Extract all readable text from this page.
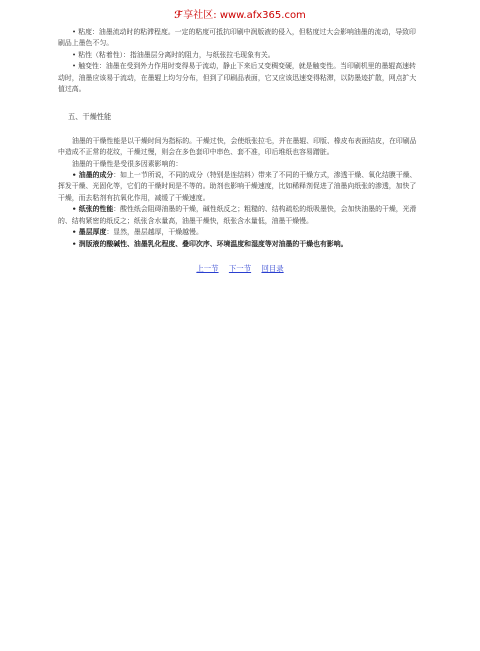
ℱ享社区: www.afx365.com

• 粘度：油墨流动时的粘滞程度。一定的粘度可抵抗印刷中润版液的侵入，但粘度过大会影响油墨的流动，导致印刷品上墨色不匀。

• 粘性（粘着性）：指油墨层分离时的阻力，与纸张拉毛现象有关。

• 触变性：油墨在受到外力作用时变得易于流动，静止下来后又变稠变硬，就是触变性。当印刷机里的墨辊高速转动时，油墨应该易于流动，在墨辊上均匀分布，但到了印刷品表面，它又应该迅速变得粘滞，以防墨迹扩散，网点扩大值过高。

五、干燥性能

油墨的干燥性能是以干燥时间为指标的。干燥过快，会使纸张拉毛，并在墨辊、印版、橡皮布表面结皮，在印刷品中造成不正常的花纹，干燥过慢，则会在多色套印中串色、套不准，印后堆纸也容易蹭脏。

油墨的干燥性是受很多因素影响的：

• 油墨的成分：如上一节所说，不同的成分（特别是连结料）带来了不同的干燥方式，渗透干燥、氧化结膜干燥、挥发干燥、光固化等，它们的干燥时间是不等的。助剂也影响干燥速度，比如稀释剂促进了油墨向纸张的渗透，加快了干燥，而去粘剂有抗氧化作用，减缓了干燥速度。

• 纸张的性能：酸性纸会阻碍油墨的干燥，碱性纸反之；粗糙的、结构疏松的纸吸墨快，会加快油墨的干燥，光滑的、结构紧密的纸反之；纸张含水量高，油墨干燥快，纸张含水量低，油墨干燥慢。

• 墨层厚度：显然，墨层越厚，干燥越慢。

• 润版液的酸碱性、油墨乳化程度、叠印次序、环境温度和湿度等对油墨的干燥也有影响。

上一节 下一节 回目录
